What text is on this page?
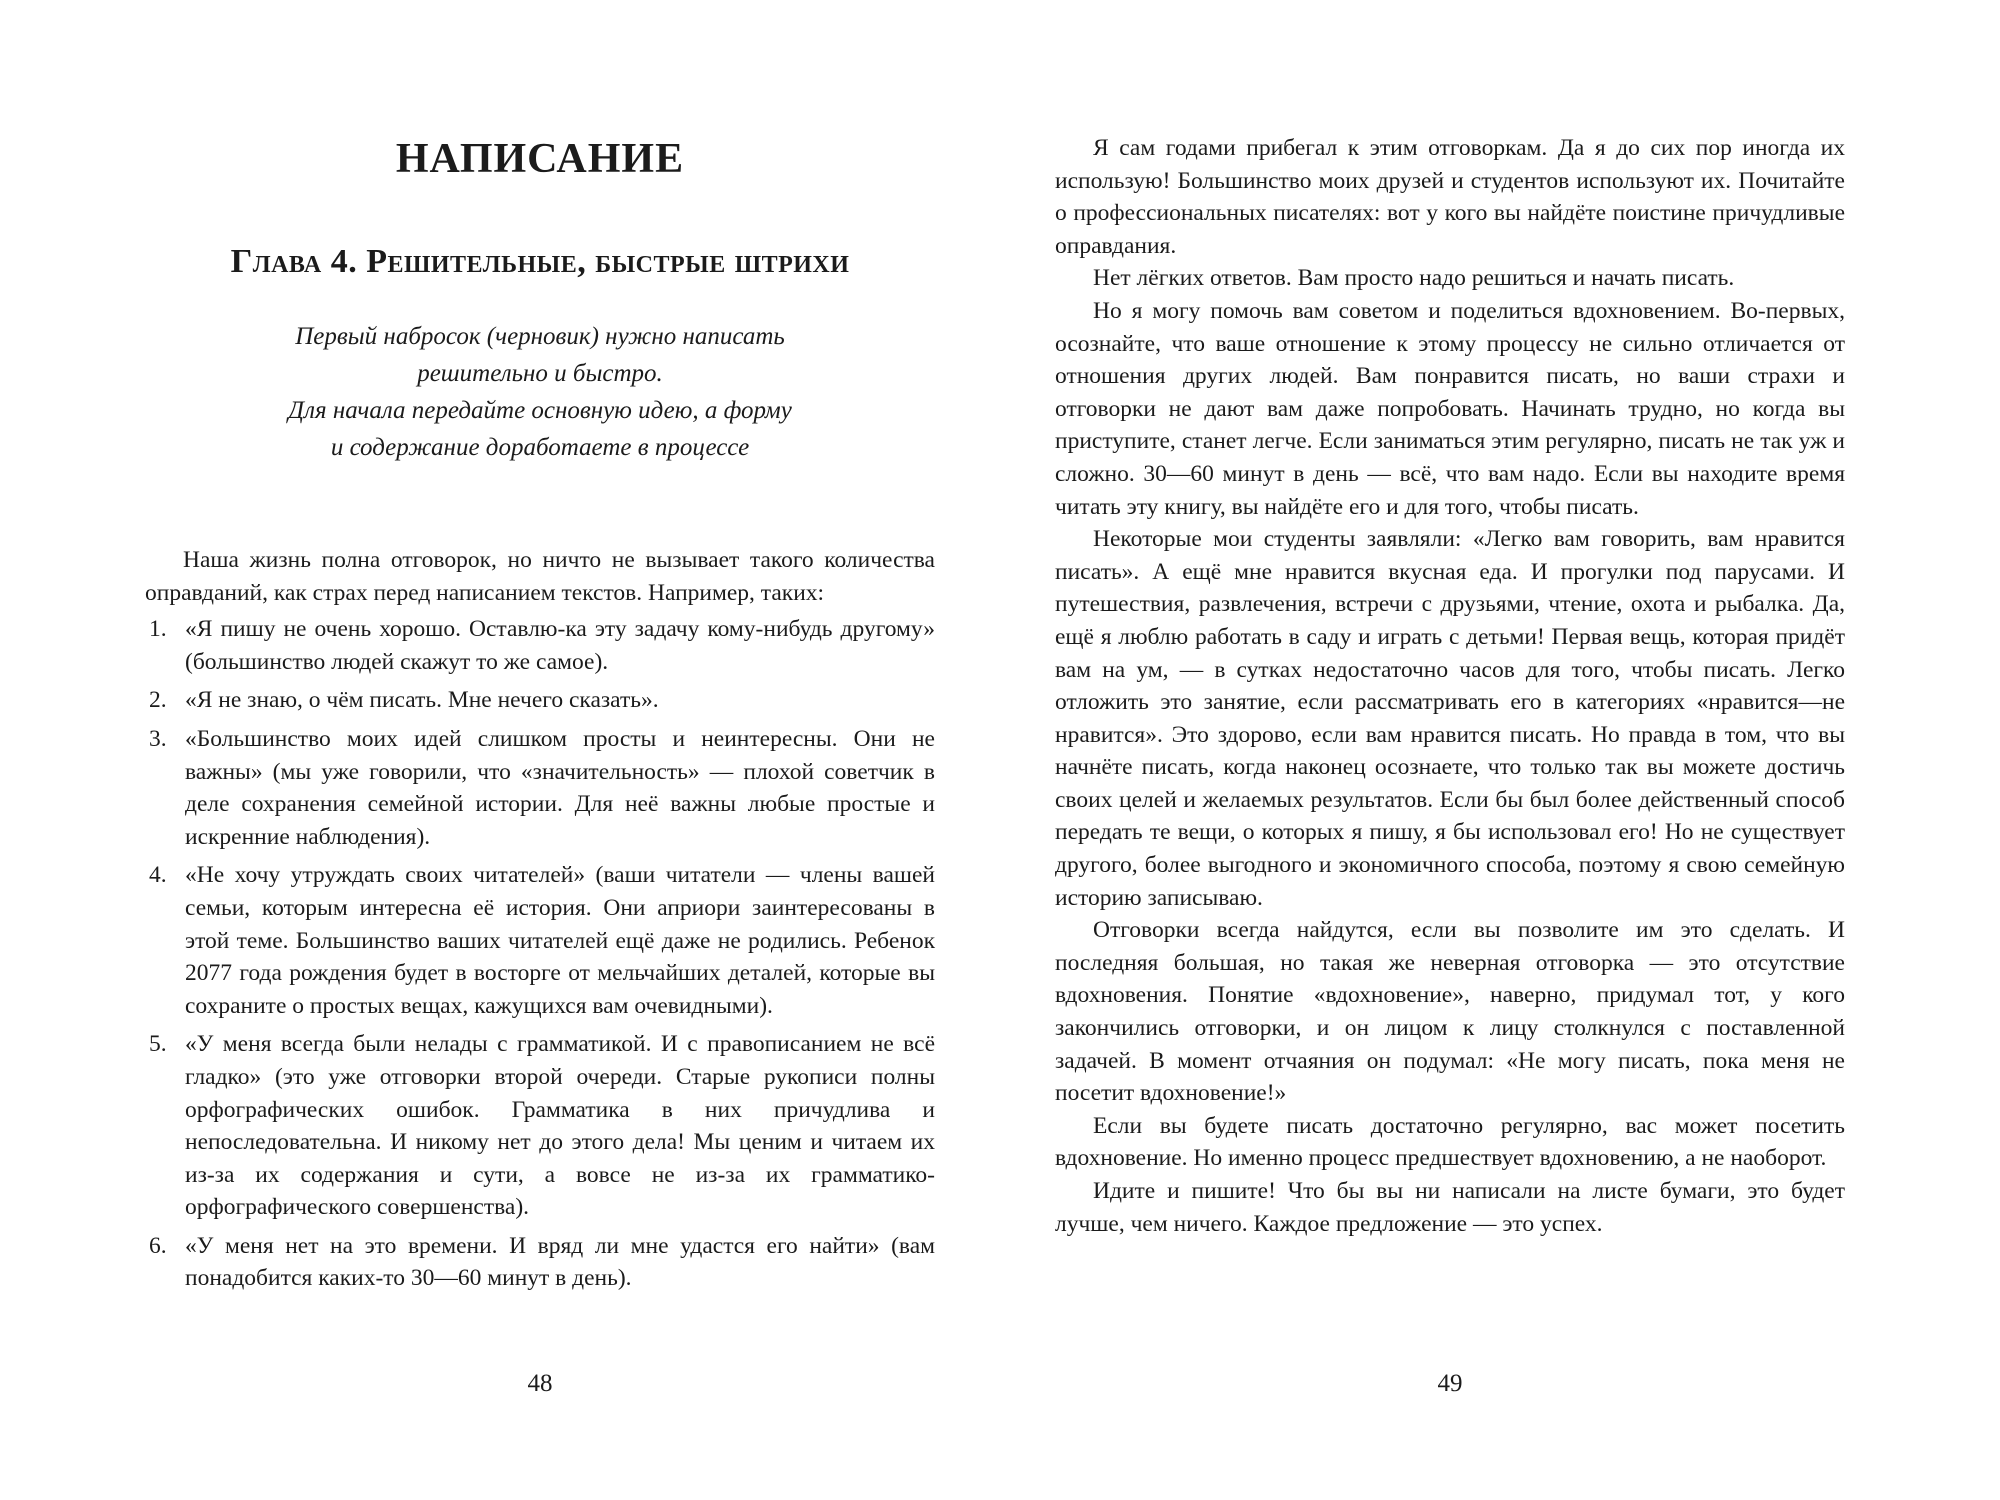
НАПИСАНИЕ
Глава 4. Решительные, быстрые штрихи
Первый набросок (черновик) нужно написать
решительно и быстро.
Для начала передайте основную идею, а форму
и содержание доработаете в процессе

Наша жизнь полна отговорок, но ничто не вызывает такого количества оправданий, как страх перед написанием текстов. Например, таких:

1. «Я пишу не очень хорошо. Оставлю-ка эту задачу кому-нибудь другому» (большинство людей скажут то же самое).
2. «Я не знаю, о чём писать. Мне нечего сказать».
3. «Большинство моих идей слишком просты и неинтересны. Они не важны» (мы уже говорили, что «значительность» — плохой советчик в деле сохранения семейной истории. Для неё важны любые простые и искренние наблюдения).
4. «Не хочу утруждать своих читателей» (ваши читатели — члены вашей семьи, которым интересна её история. Они априори заинтересованы в этой теме. Большинство ваших читателей ещё даже не родились. Ребенок 2077 года рождения будет в восторге от мельчайших деталей, которые вы сохраните о простых вещах, кажущихся вам очевидными).
5. «У меня всегда были нелады с грамматикой. И с правописанием не всё гладко» (это уже отговорки второй очереди. Старые рукописи полны орфографических ошибок. Грамматика в них причудлива и непоследовательна. И никому нет до этого дела! Мы ценим и читаем их из-за их содержания и сути, а вовсе не из-за их грамматико-орфографического совершенства).
6. «У меня нет на это времени. И вряд ли мне удастся его найти» (вам понадобится каких-то 30—60 минут в день).
48

Я сам годами прибегал к этим отговоркам. Да я до сих пор иногда их использую! Большинство моих друзей и студентов используют их. Почитайте о профессиональных писателях: вот у кого вы найдёте поистине причудливые оправдания.

Нет лёгких ответов. Вам просто надо решиться и начать писать.

Но я могу помочь вам советом и поделиться вдохновением. Во-первых, осознайте, что ваше отношение к этому процессу не сильно отличается от отношения других людей. Вам понравится писать, но ваши страхи и отговорки не дают вам даже попробовать. Начинать трудно, но когда вы приступите, станет легче. Если заниматься этим регулярно, писать не так уж и сложно. 30—60 минут в день — всё, что вам надо. Если вы находите время читать эту книгу, вы найдёте его и для того, чтобы писать.

Некоторые мои студенты заявляли: «Легко вам говорить, вам нравится писать». А ещё мне нравится вкусная еда. И прогулки под парусами. И путешествия, развлечения, встречи с друзьями, чтение, охота и рыбалка. Да, ещё я люблю работать в саду и играть с детьми! Первая вещь, которая придёт вам на ум, — в сутках недостаточно часов для того, чтобы писать. Легко отложить это занятие, если рассматривать его в категориях «нравится—не нравится». Это здорово, если вам нравится писать. Но правда в том, что вы начнёте писать, когда наконец осознаете, что только так вы можете достичь своих целей и желаемых результатов. Если бы был более действенный способ передать те вещи, о которых я пишу, я бы использовал его! Но не существует другого, более выгодного и экономичного способа, поэтому я свою семейную историю записываю.

Отговорки всегда найдутся, если вы позволите им это сделать. И последняя большая, но такая же неверная отговорка — это отсутствие вдохновения. Понятие «вдохновение», наверно, придумал тот, у кого закончились отговорки, и он лицом к лицу столкнулся с поставленной задачей. В момент отчаяния он подумал: «Не могу писать, пока меня не посетит вдохновение!»

Если вы будете писать достаточно регулярно, вас может посетить вдохновение. Но именно процесс предшествует вдохновению, а не наоборот.

Идите и пишите! Что бы вы ни написали на листе бумаги, это будет лучше, чем ничего. Каждое предложение — это успех.

49
